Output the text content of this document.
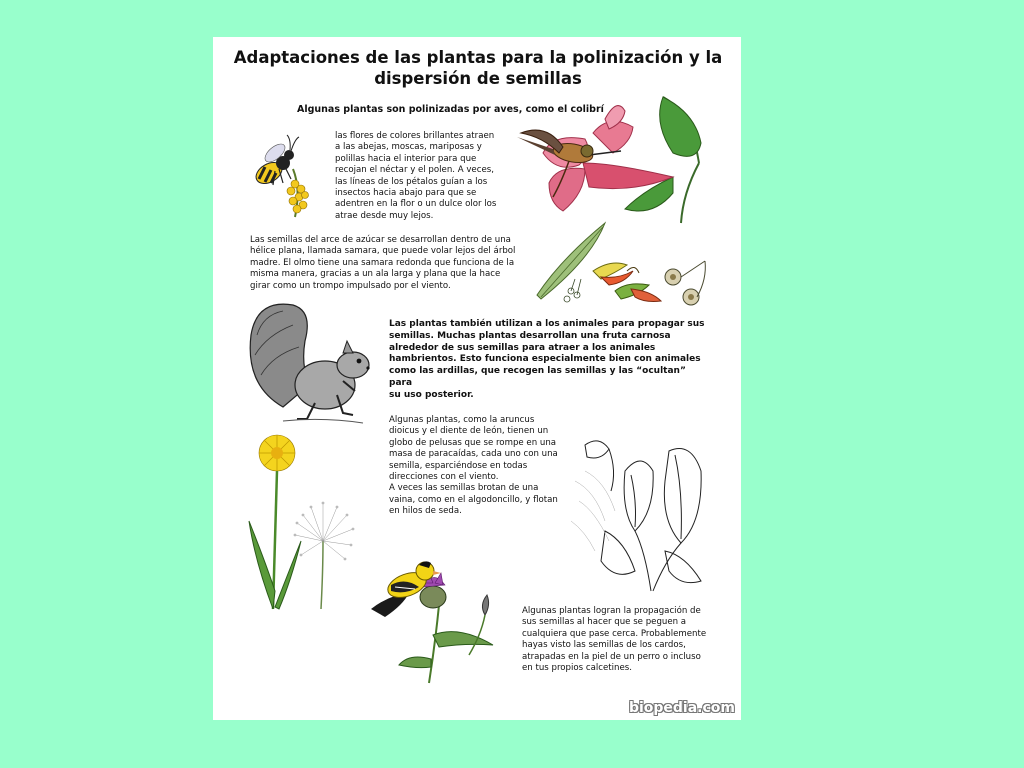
Adaptaciones de las plantas para la polinización y la dispersión de semillas
Algunas plantas son polinizadas por aves, como el colibrí
las flores de colores brillantes atraen
a las abejas, moscas, mariposas y
polillas hacia el interior para que
recojan el néctar y el polen. A veces,
las líneas de los pétalos guían a los
insectos hacia abajo para que se
adentren en la flor o un dulce olor los
atrae desde muy lejos.
Las semillas del arce de azúcar se desarrollan dentro de una
hélice plana, llamada samara, que puede volar lejos del árbol
madre. El olmo tiene una samara redonda que funciona de la
misma manera, gracias a un ala larga y plana que la hace
girar como un trompo impulsado por el viento.
Las plantas también utilizan a los animales para propagar sus
semillas. Muchas plantas desarrollan una fruta carnosa
alrededor de sus semillas para atraer a los animales
hambrientos. Esto funciona especialmente bien con animales
como las ardillas, que recogen las semillas y las “ocultan” para
su uso posterior.
Algunas plantas, como la aruncus
dioicus y el diente de león, tienen un
globo de pelusas que se rompe en una
masa de paracaídas, cada uno con una
semilla, esparciéndose en todas
direcciones con el viento.
A veces las semillas brotan de una
vaina, como en el algodoncillo, y flotan
en hilos de seda.
Algunas plantas logran la propagación de
sus semillas al hacer que se peguen a
cualquiera que pase cerca. Probablemente
hayas visto las semillas de los cardos,
atrapadas en la piel de un perro o incluso
en tus propios calcetines.
biopedia.com
